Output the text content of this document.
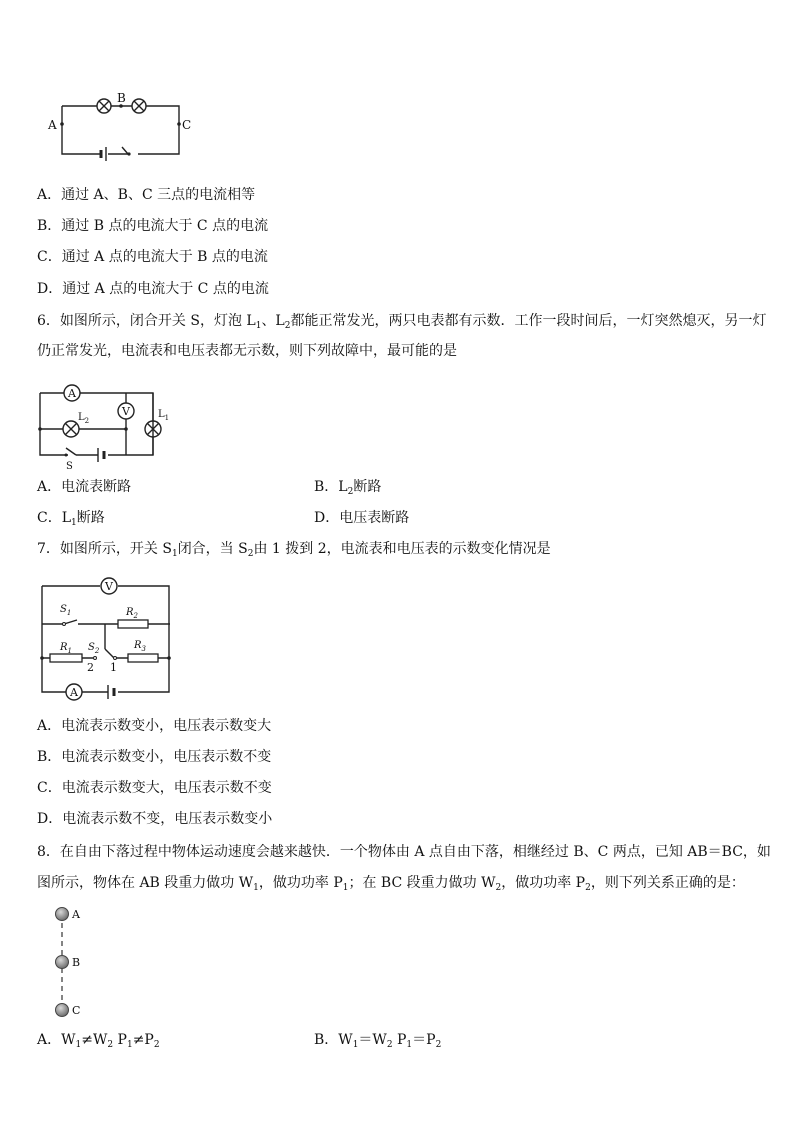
A
B
C
A．通过 A、B、C 三点的电流相等
B．通过 B 点的电流大于 C 点的电流
C．通过 A 点的电流大于 B 点的电流
D．通过 A 点的电流大于 C 点的电流
6．如图所示，闭合开关 S，灯泡 $L_1$、$L_2$都能正常发光，两只电表都有示数．工作一段时间后，一灯突然熄灭，另一灯
仍正常发光，电流表和电压表都无示数，则下列故障中，最可能的是
A
V
$L_2$
$L_1$
S
A．电流表断路	B．$L_2$断路
C．$L_1$断路	D．电压表断路
7．如图所示，开关 $S_1$闭合，当 $S_2$由 1 拨到 2，电流表和电压表的示数变化情况是
V
A
$S_1$	$R_2$
$R_1$ $S_2$	$R_3$
2 1
A．电流表示数变小，电压表示数变大
B．电流表示数变小，电压表示数不变
C．电流表示数变大，电压表示数不变
D．电流表示数不变，电压表示数变小
8．在自由下落过程中物体运动速度会越来越快．一个物体由 A 点自由下落，相继经过 B、C 两点，已知 AB＝BC，如
图所示，物体在 AB 段重力做功 $W_1$，做功功率 $P_1$；在 BC 段重力做功 $W_2$，做功功率 $P_2$，则下列关系正确的是：
A
B
C
A．$W_1\ne W_2$ $P_1\ne P_2$	B．$W_1=W_2$ $P_1=P_2$
